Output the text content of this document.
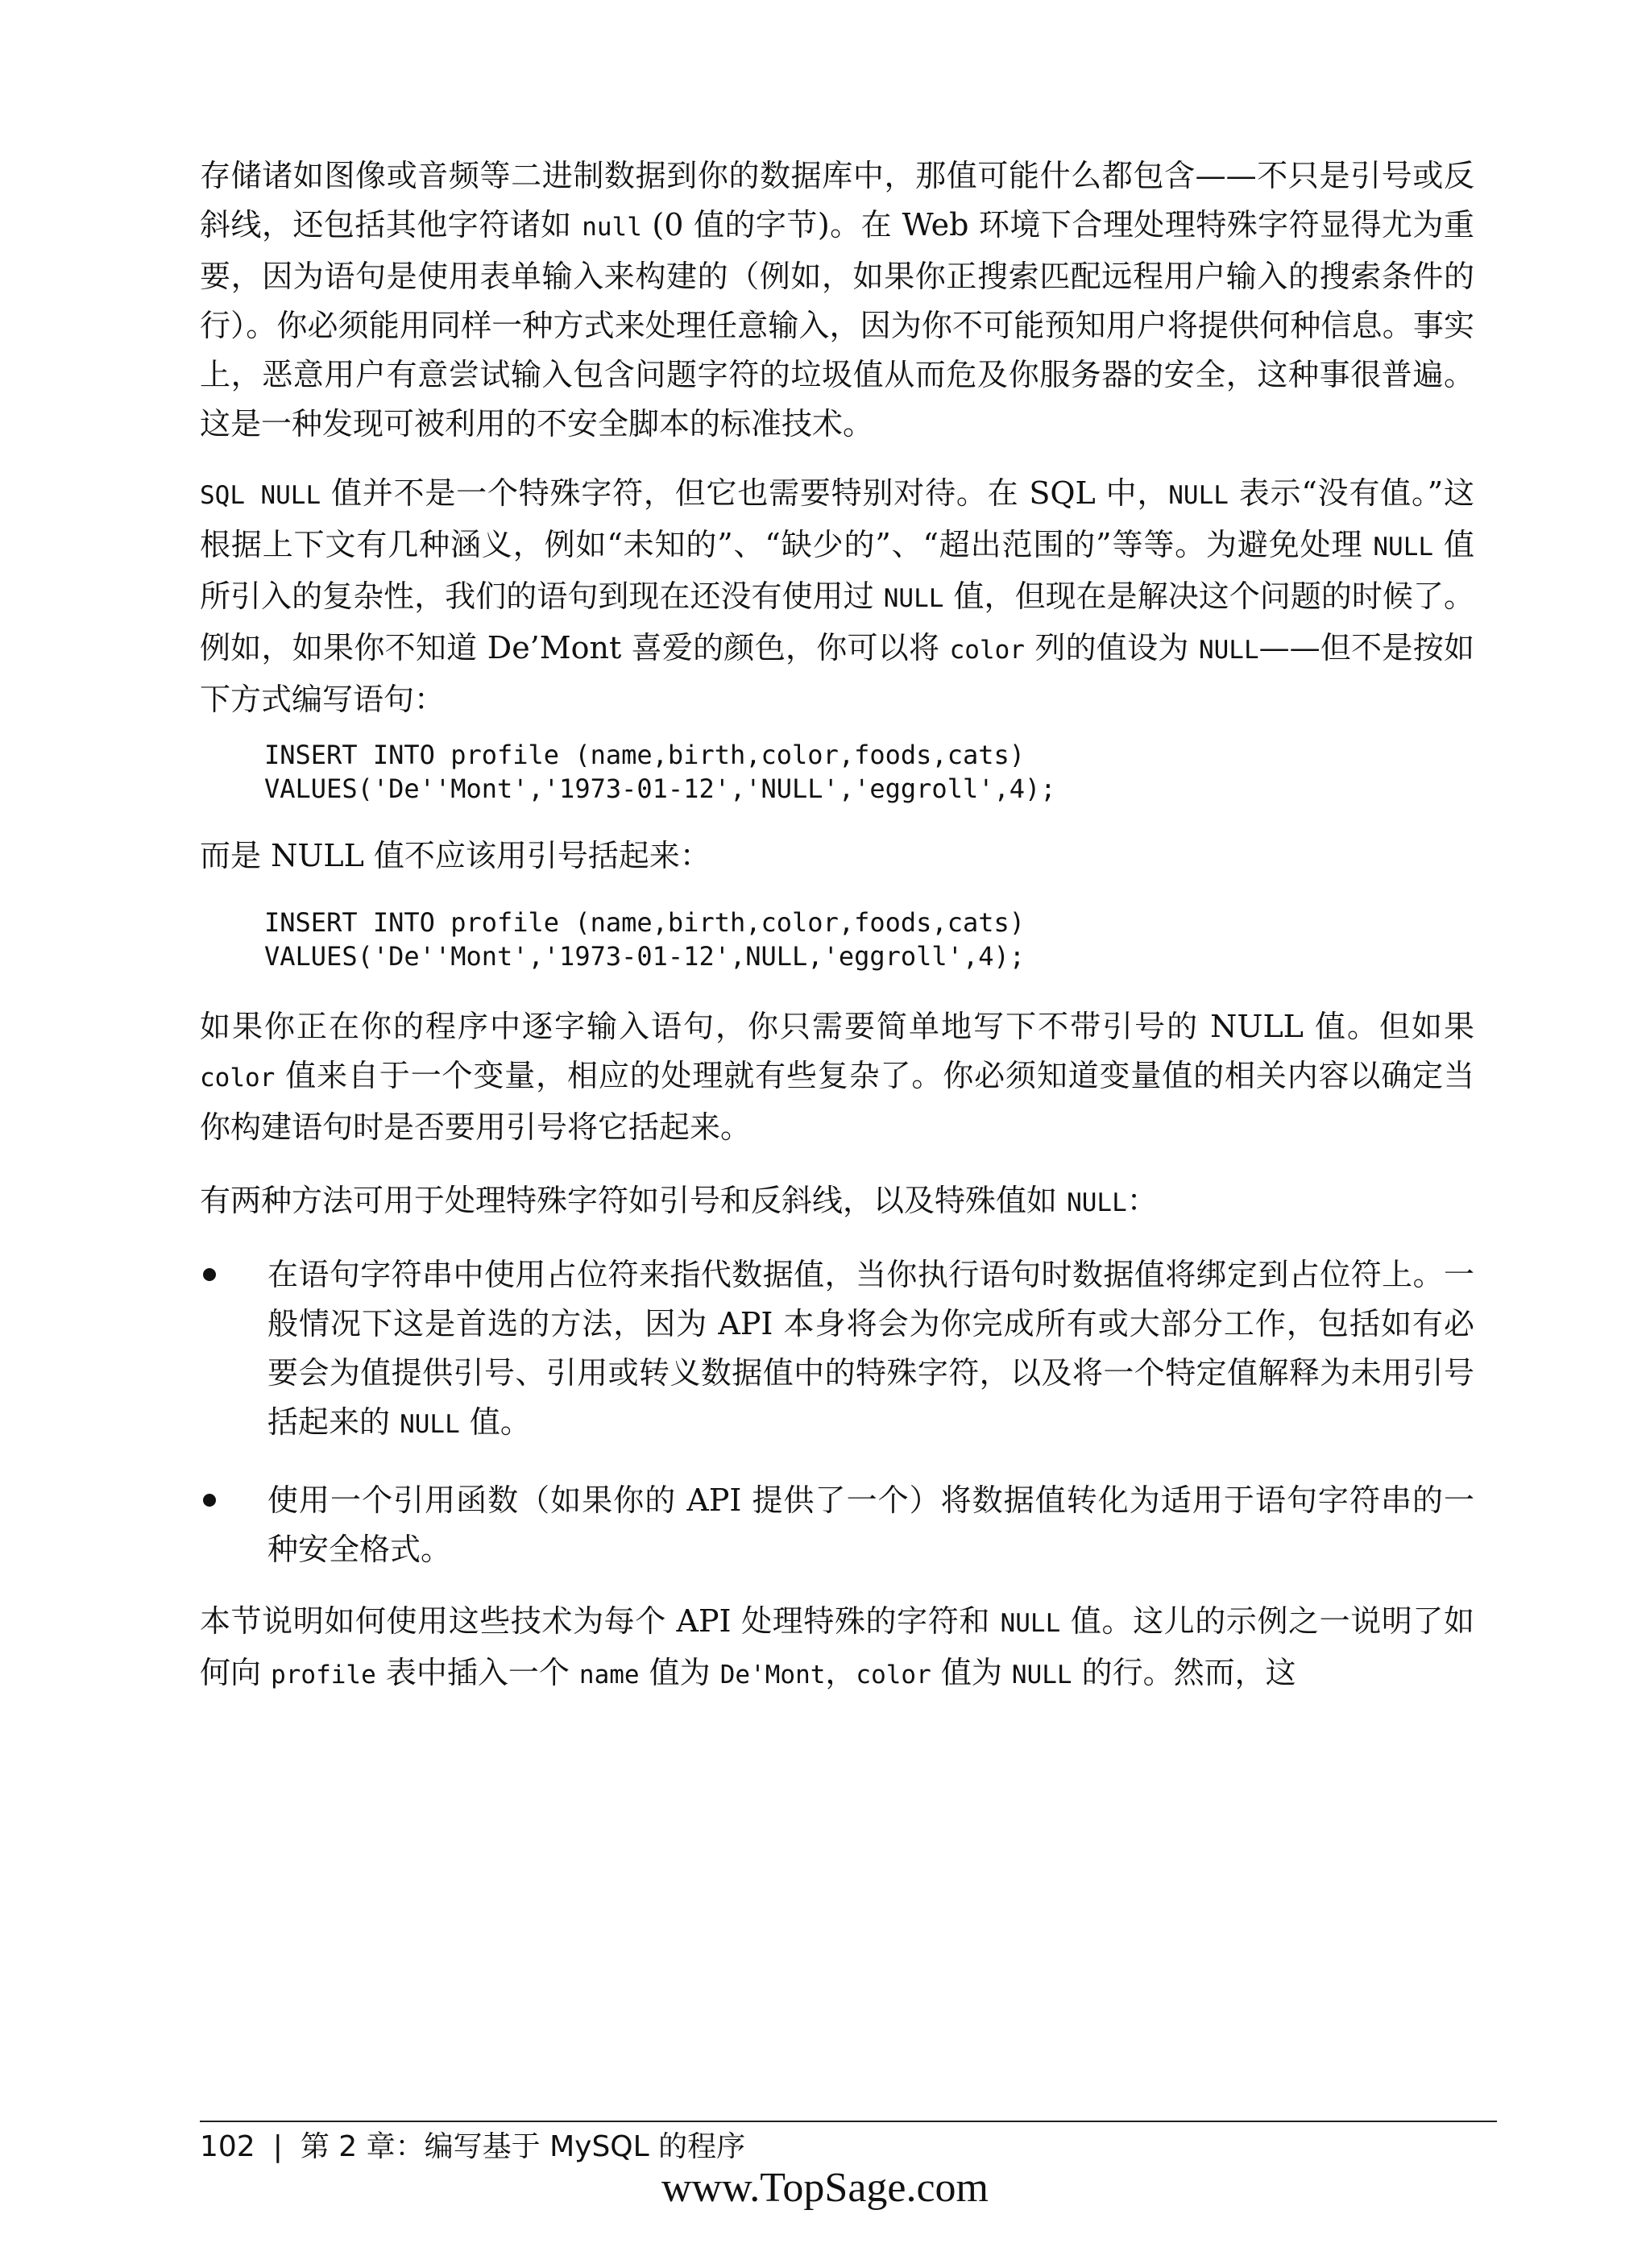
存储诸如图像或音频等二进制数据到你的数据库中，那值可能什么都包含——不只是引号或反斜线，还包括其他字符诸如 null (0 值的字节)。在 Web 环境下合理处理特殊字符显得尤为重要，因为语句是使用表单输入来构建的（例如，如果你正搜索匹配远程用户输入的搜索条件的行）。你必须能用同样一种方式来处理任意输入，因为你不可能预知用户将提供何种信息。事实上，恶意用户有意尝试输入包含问题字符的垃圾值从而危及你服务器的安全，这种事很普遍。这是一种发现可被利用的不安全脚本的标准技术。

SQL NULL 值并不是一个特殊字符，但它也需要特别对待。在 SQL 中，NULL 表示“没有值。”这根据上下文有几种涵义，例如“未知的”、“缺少的”、“超出范围的”等等。为避免处理 NULL 值所引入的复杂性，我们的语句到现在还没有使用过 NULL 值，但现在是解决这个问题的时候了。例如，如果你不知道 De’Mont 喜爱的颜色，你可以将 color 列的值设为 NULL——但不是按如下方式编写语句：

INSERT INTO profile (name,birth,color,foods,cats)
VALUES('De''Mont','1973-01-12','NULL','eggroll',4);

而是 NULL 值不应该用引号括起来：

INSERT INTO profile (name,birth,color,foods,cats)
VALUES('De''Mont','1973-01-12',NULL,'eggroll',4);

如果你正在你的程序中逐字输入语句，你只需要简单地写下不带引号的 NULL 值。但如果 color 值来自于一个变量，相应的处理就有些复杂了。你必须知道变量值的相关内容以确定当你构建语句时是否要用引号将它括起来。

有两种方法可用于处理特殊字符如引号和反斜线，以及特殊值如 NULL：

在语句字符串中使用占位符来指代数据值，当你执行语句时数据值将绑定到占位符上。一般情况下这是首选的方法，因为 API 本身将会为你完成所有或大部分工作，包括如有必要会为值提供引号、引用或转义数据值中的特殊字符，以及将一个特定值解释为未用引号括起来的 NULL 值。
使用一个引用函数（如果你的 API 提供了一个）将数据值转化为适用于语句字符串的一种安全格式。

本节说明如何使用这些技术为每个 API 处理特殊的字符和 NULL 值。这儿的示例之一说明了如何向 profile 表中插入一个 name 值为 De'Mont，color 值为 NULL 的行。然而，这

102 | 第 2 章：编写基于 MySQL 的程序
www.TopSage.com
